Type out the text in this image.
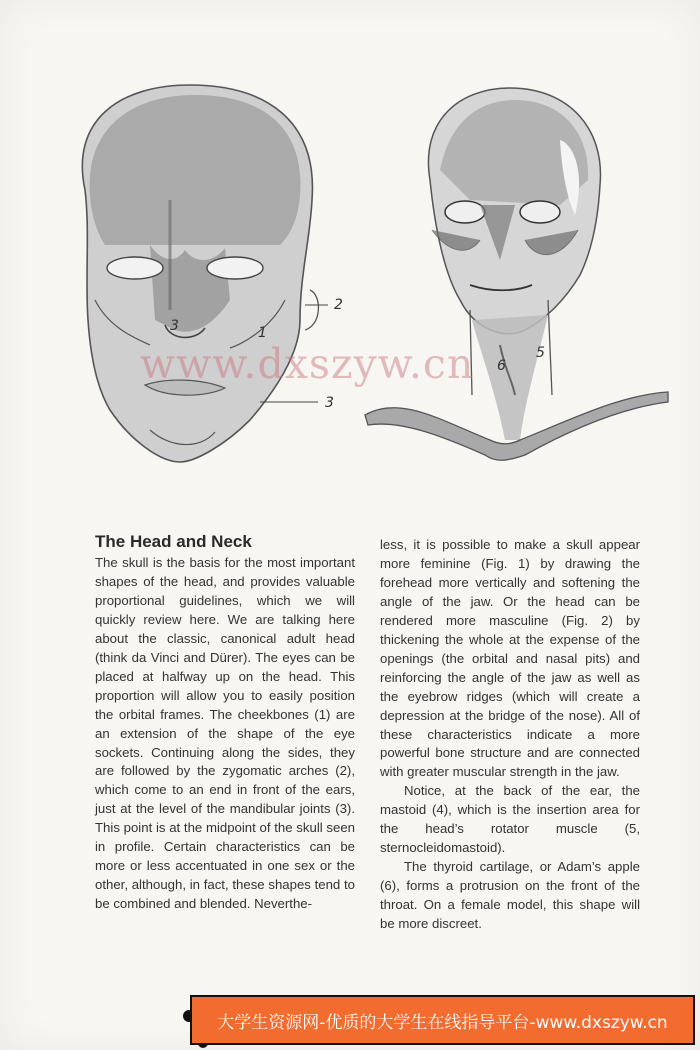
2
3
3	1
5
6
www.dxszyw.cn
The Head and Neck

The skull is the basis for the most important shapes of the head, and provides valuable proportional guidelines, which we will quickly review here. We are talking here about the classic, canonical adult head (think da Vinci and Dürer). The eyes can be placed at halfway up on the head. This proportion will allow you to easily position the orbital frames. The cheekbones (1) are an extension of the shape of the eye sockets. Continuing along the sides, they are followed by the zygomatic arches (2), which come to an end in front of the ears, just at the level of the mandibular joints (3). This point is at the midpoint of the skull seen in profile. Certain characteristics can be more or less accentuated in one sex or the other, although, in fact, these shapes tend to be combined and blended. Neverthe-

less, it is possible to make a skull appear more feminine (Fig. 1) by drawing the forehead more vertically and softening the angle of the jaw. Or the head can be rendered more masculine (Fig. 2) by thickening the whole at the expense of the openings (the orbital and nasal pits) and reinforcing the angle of the jaw as well as the eyebrow ridges (which will create a depression at the bridge of the nose). All of these characteristics indicate a more powerful bone structure and are connected with greater muscular strength in the jaw.

Notice, at the back of the ear, the mastoid (4), which is the insertion area for the head’s rotator muscle (5, sternocleidomastoid).

The thyroid cartilage, or Adam’s apple (6), forms a protrusion on the front of the throat. On a female model, this shape will be more discreet.

大学生资源网-优质的大学生在线指导平台-www.dxszyw.cn
